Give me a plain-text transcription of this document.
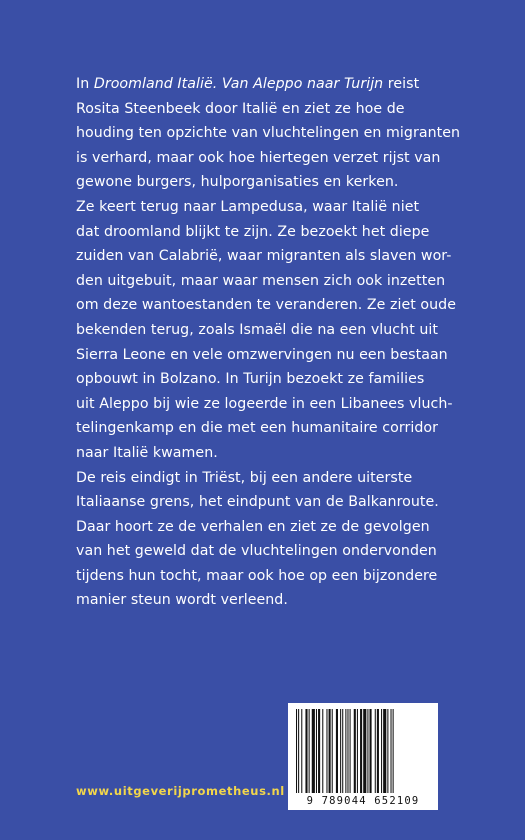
In Droomland Italië. Van Aleppo naar Turijn reist
Rosita Steenbeek door Italië en ziet ze hoe de
houding ten opzichte van vluchtelingen en migranten
is verhard, maar ook hoe hiertegen verzet rijst van
gewone burgers, hulporganisaties en kerken.

Ze keert terug naar Lampedusa, waar Italië niet
dat droomland blijkt te zijn. Ze bezoekt het diepe
zuiden van Calabrië, waar migranten als slaven wor-
den uitgebuit, maar waar mensen zich ook inzetten
om deze wantoestanden te veranderen. Ze ziet oude
bekenden terug, zoals Ismaël die na een vlucht uit
Sierra Leone en vele omzwervingen nu een bestaan
opbouwt in Bolzano. In Turijn bezoekt ze families
uit Aleppo bij wie ze logeerde in een Libanees vluch-
telingenkamp en die met een humanitaire corridor
naar Italië kwamen.

De reis eindigt in Triëst, bij een andere uiterste
Italiaanse grens, het eindpunt van de Balkanroute.
Daar hoort ze de verhalen en ziet ze de gevolgen
van het geweld dat de vluchtelingen ondervonden
tijdens hun tocht, maar ook hoe op een bijzondere
manier steun wordt verleend.

9 789044 652109
www.uitgeverijprometheus.nl
